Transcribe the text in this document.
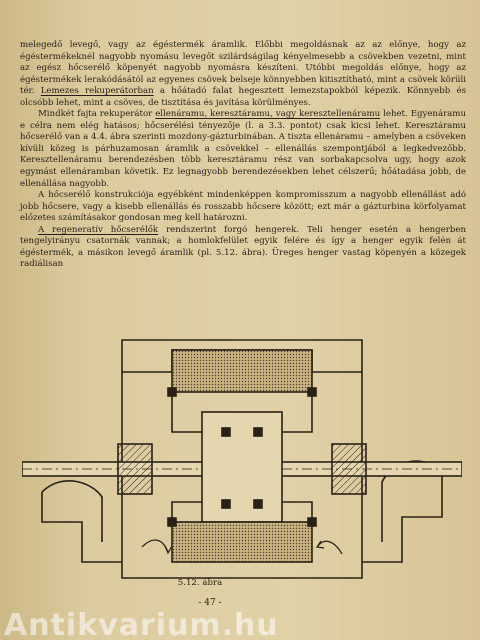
melegedő levegő, vagy az égéstermék áramlik. Előbbi megoldásnak az az előnye, hogy az égéstermékeknél nagyobb nyomásu levegőt szilárdságilag kényelmesebb a csövekben vezetni, mint az egész hőcserélő köpenyét nagyobb nyomásra készíteni. Utóbbi megoldás előnye, hogy az égéstermékek lerakódásától az egyenes csövek belseje könnyebben kitisztítható, mint a csövek körüli tér. Lemezes rekuperátorban a hőátadó falat hegesztett lemezstapokból képezik. Könnyebb és olcsóbb lehet, mint a csöves, de tisztítása és javítása körülményes.

Mindkét fajta rekuperátor ellenáramu, keresztáramu, vagy keresztellenáramu lehet. Egyenáramu e célra nem elég hatásos; hőcserélési tényezője (l. a 3.3. pontot) csak kicsi lehet. Keresztáramu hőcserélő van a 4.4. ábra szerinti mozdony-gázturbinában. A tiszta ellenáramu – amelyben a csöveken kívüli közeg is párhuzamosan áramlik a csövekkel – ellenállás szempontjából a legkedvezőbb. Keresztellenáramu berendezésben több keresztáramu rész van sorbakapcsolva ugy, hogy azok egymást ellenáramban követik. Ez legnagyobb berendezésekben lehet célszerű; hőátadása jobb, de ellenállása nagyobb.

A hőcserélő konstrukciója egyébként mindenképpen kompromisszum a nagyobb ellenállást adó jobb hőcsere, vagy a kisebb ellenállás és rosszabb hőcsere között; ezt már a gázturbina körfolyamat előzetes számításakor gondosan meg kell határozni.

A regeneratív hőcserélők rendszerint forgó hengerek. Teli henger esetén a hengerben tengelyirányu csatornák vannak; a homlokfelület egyik felére és így a henger egyik felén át égéstermék, a másikon levegő áramlik (pl. 5.12. ábra). Üreges henger vastag köpenyén a közegek radiálisan

5.12. ábra
- 47 -
Antikvarium.hu
